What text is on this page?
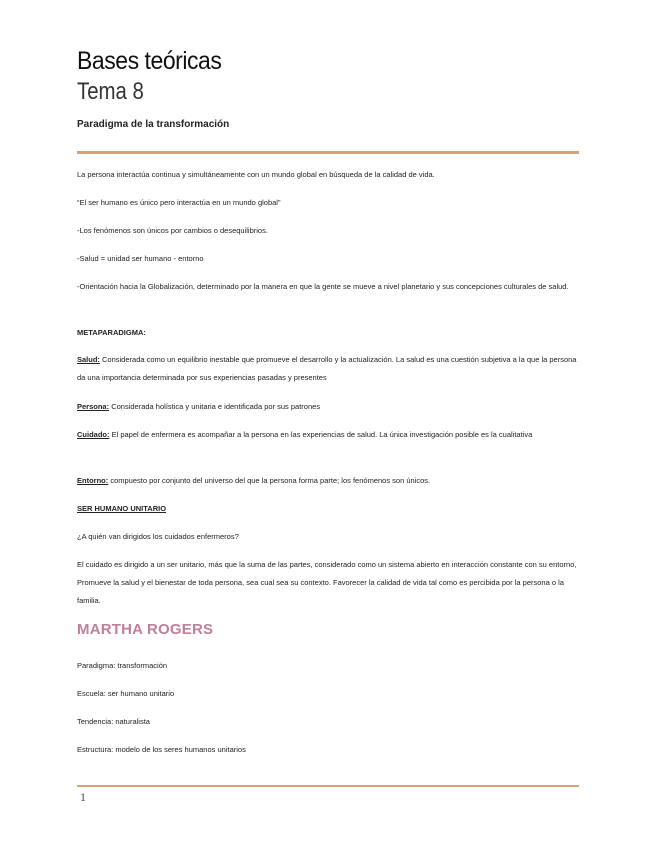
Bases teóricas
Tema 8
Paradigma de la transformación
La persona interactúa continua y simultáneamente con un mundo global en búsqueda de la calidad de vida.
“El ser humano es único pero interactúa en un mundo global”
-Los fenómenos son únicos por cambios o desequilibrios.
-Salud = unidad ser humano - entorno
-Orientación hacia la Globalización, determinado por la manera en que la gente se mueve a nivel planetario y sus concepciones culturales de salud.
METAPARADIGMA:
Salud: Considerada como un equilibrio inestable que promueve el desarrollo y la actualización. La salud es una cuestión subjetiva a la que la persona da una importancia determinada por sus experiencias pasadas y presentes
Persona: Considerada holística y unitaria e identificada por sus patrones
Cuidado: El papel de enfermera es acompañar a la persona en las experiencias de salud. La única investigación posible es la cualitativa
Entorno: compuesto por conjunto del universo del que la persona forma parte; los fenómenos son únicos.
SER HUMANO UNITARIO
¿A quién van dirigidos los cuidados enfermeros?
El cuidado es dirigido a un ser unitario, más que la suma de las partes, considerado como un sistema abierto en interacción constante con su entorno, Promueve la salud y el bienestar de toda persona, sea cual sea su contexto. Favorecer la calidad de vida tal como es percibida por la persona o la familia.
MARTHA ROGERS
Paradigma: transformación
Escuela: ser humano unitario
Tendencia: naturalista
Estructura: modelo de los seres humanos unitarios
1
